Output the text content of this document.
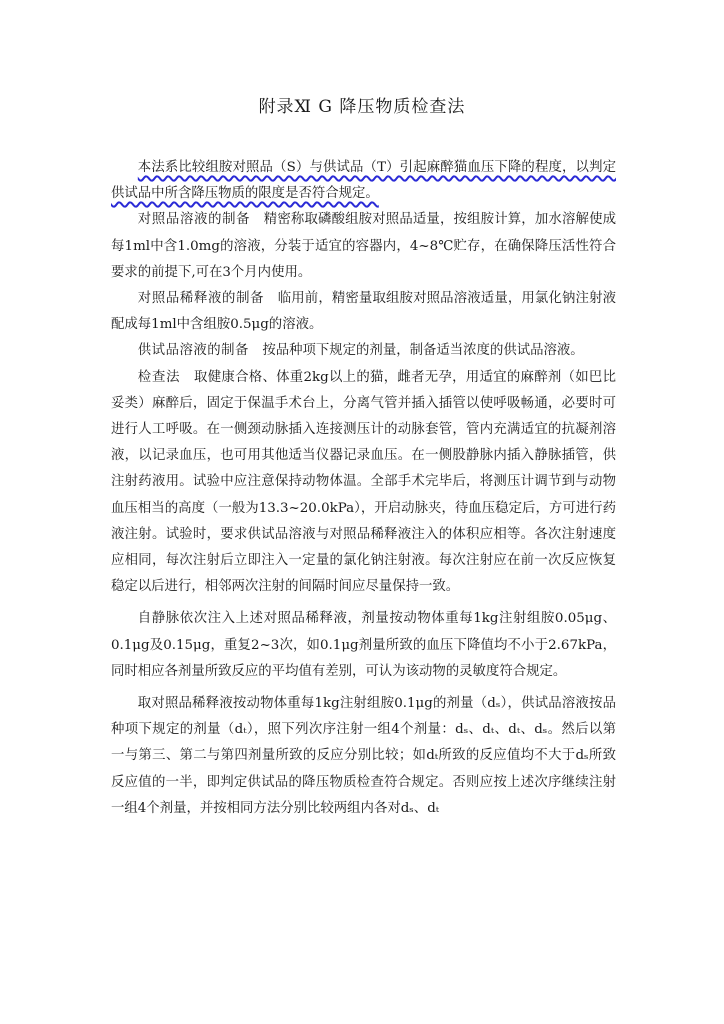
附录Ⅺ G 降压物质检查法

本法系比较组胺对照品（S）与供试品（T）引起麻醉猫血压下降的程度，以判定供试品中所含降压物质的限度是否符合规定。

对照品溶液的制备　 精密称取磷酸组胺对照品适量，按组胺计算，加水溶解使成每1ml中含1.0mg的溶液，分装于适宜的容器内，4~8℃贮存，在确保降压活性符合要求的前提下,可在3个月内使用。

对照品稀释液的制备　 临用前，精密量取组胺对照品溶液适量，用氯化钠注射液配成每1ml中含组胺0.5μg的溶液。

供试品溶液的制备　 按品种项下规定的剂量，制备适当浓度的供试品溶液。

检查法　 取健康合格、体重2kg以上的猫，雌者无孕，用适宜的麻醉剂（如巴比妥类）麻醉后，固定于保温手术台上，分离气管并插入插管以使呼吸畅通，必要时可进行人工呼吸。在一侧颈动脉插入连接测压计的动脉套管，管内充满适宜的抗凝剂溶液，以记录血压，也可用其他适当仪器记录血压。在一侧股静脉内插入静脉插管，供注射药液用。试验中应注意保持动物体温。全部手术完毕后，将测压计调节到与动物血压相当的高度（一般为13.3~20.0kPa），开启动脉夹，待血压稳定后，方可进行药液注射。试验时，要求供试品溶液与对照品稀释液注入的体积应相等。各次注射速度应相同，每次注射后立即注入一定量的氯化钠注射液。每次注射应在前一次反应恢复稳定以后进行，相邻两次注射的间隔时间应尽量保持一致。

自静脉依次注入上述对照品稀释液，剂量按动物体重每1kg注射组胺0.05μg、0.1μg及0.15μg，重复2~3次，如0.1μg剂量所致的血压下降值均不小于2.67kPa，同时相应各剂量所致反应的平均值有差别，可认为该动物的灵敏度符合规定。

取对照品稀释液按动物体重每1kg注射组胺0.1μg的剂量（dₛ），供试品溶液按品种项下规定的剂量（dₜ），照下列次序注射一组4个剂量：dₛ、dₜ、dₜ、dₛ。然后以第一与第三、第二与第四剂量所致的反应分别比较；如dₜ所致的反应值均不大于dₛ所致反应值的一半，即判定供试品的降压物质检查符合规定。否则应按上述次序继续注射一组4个剂量，并按相同方法分别比较两组内各对dₛ、dₜ
